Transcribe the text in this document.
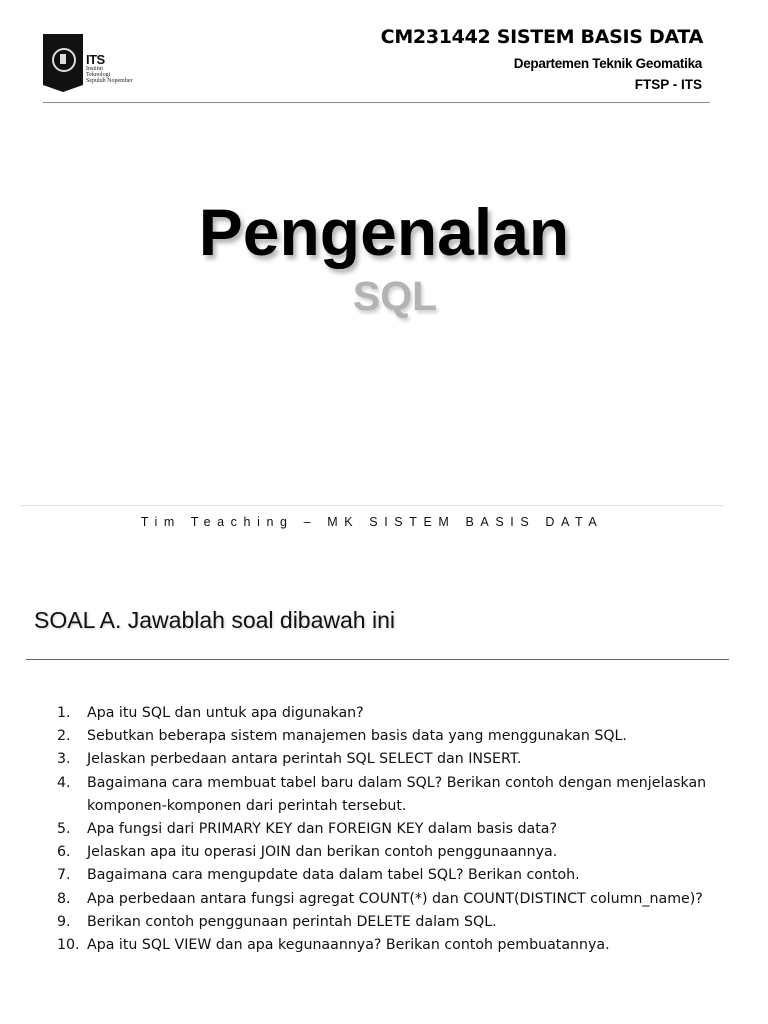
ITS
Institut
Teknologi
Sepuluh Nopember
CM231442 SISTEM BASIS DATA
Departemen Teknik Geomatika
FTSP - ITS
Pengenalan
SQL
Tim Teaching – MK SISTEM BASIS DATA
SOAL A. Jawablah soal dibawah ini
1.	Apa itu SQL dan untuk apa digunakan?
2.	Sebutkan beberapa sistem manajemen basis data yang menggunakan SQL.
3.	Jelaskan perbedaan antara perintah SQL SELECT dan INSERT.
4.	Bagaimana cara membuat tabel baru dalam SQL? Berikan contoh dengan menjelaskan komponen-komponen dari perintah tersebut.
5.	Apa fungsi dari PRIMARY KEY dan FOREIGN KEY dalam basis data?
6.	Jelaskan apa itu operasi JOIN dan berikan contoh penggunaannya.
7.	Bagaimana cara mengupdate data dalam tabel SQL? Berikan contoh.
8.	Apa perbedaan antara fungsi agregat COUNT(*) dan COUNT(DISTINCT column_name)?
9.	Berikan contoh penggunaan perintah DELETE dalam SQL.
10. Apa itu SQL VIEW dan apa kegunaannya? Berikan contoh pembuatannya.
